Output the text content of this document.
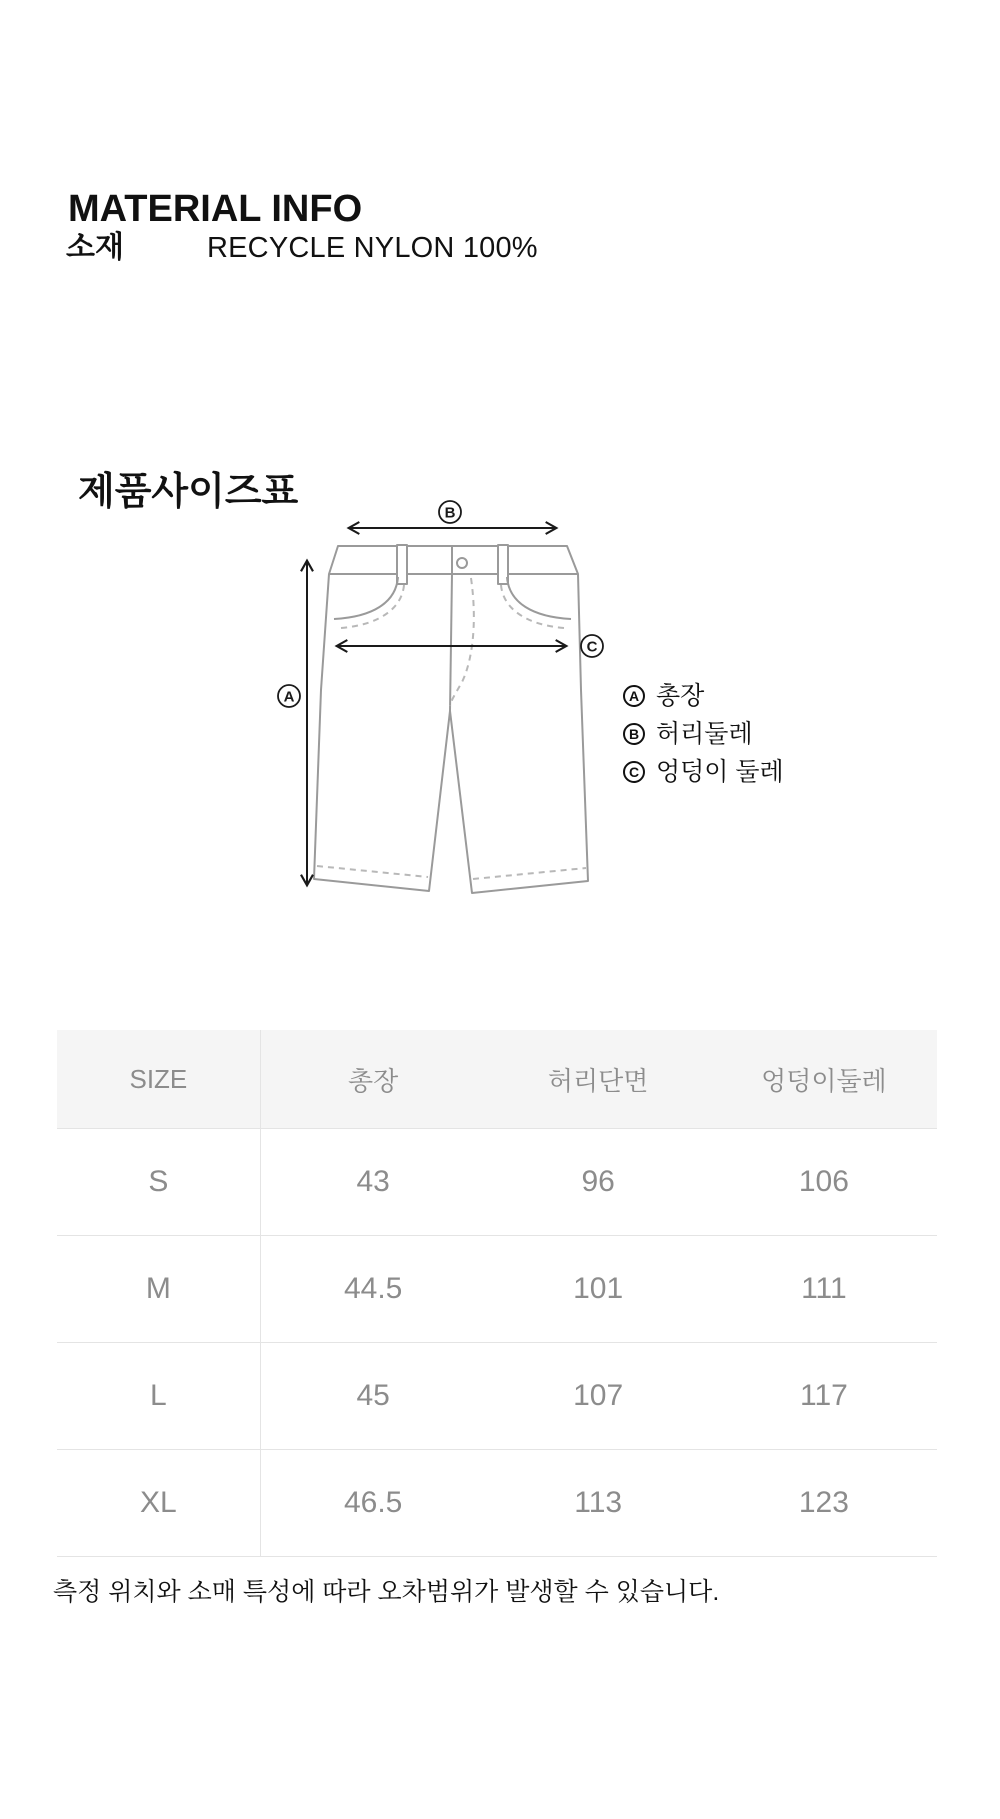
MATERIAL INFO
소재	RECYCLE NYLON 100%
제품사이즈표
B
A
C
A 총장
B 허리둘레
C 엉덩이 둘레
SIZE	총장	허리단면	엉덩이둘레
S	43	96	106
M	44.5	101	111
L	45	107	117
XL	46.5	113	123

측정 위치와 소매 특성에 따라 오차범위가 발생할 수 있습니다.
